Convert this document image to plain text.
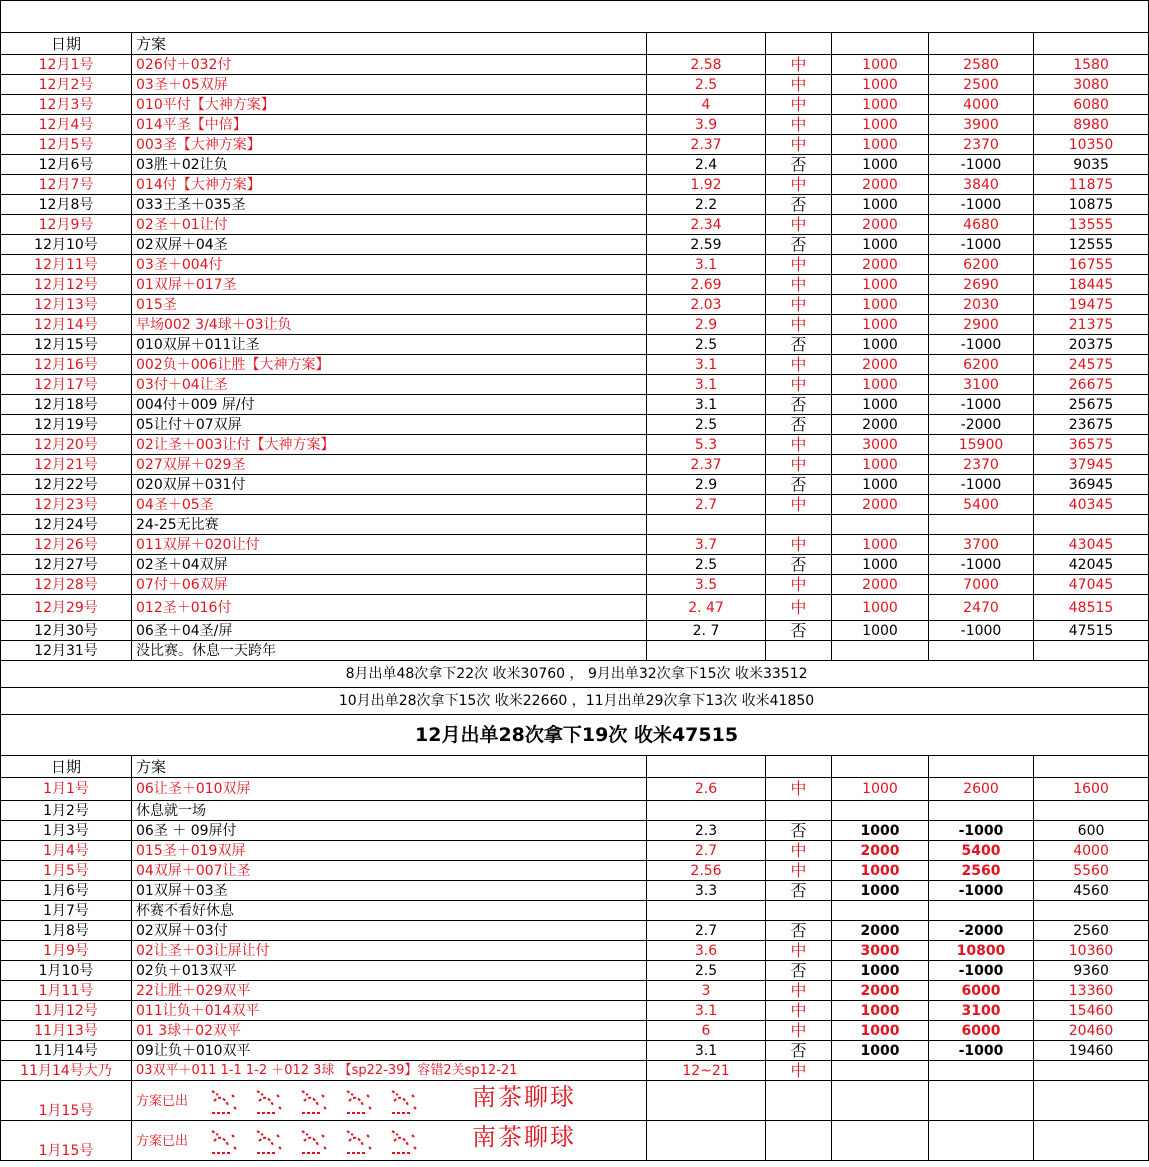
日期	方案					
12月1号	026付＋032付	2.58	中	1000	2580	1580
12月2号	03圣＋05双屏	2.5	中	1000	2500	3080
12月3号	010平付【大神方案】	4	中	1000	4000	6080
12月4号	014平圣【中倍】	3.9	中	1000	3900	8980
12月5号	003圣【大神方案】	2.37	中	1000	2370	10350
12月6号	03胜＋02让负	2.4	否	1000	-1000	9035
12月7号	014付【大神方案】	1.92	中	2000	3840	11875
12月8号	033王圣＋035圣	2.2	否	1000	-1000	10875
12月9号	02圣＋01让付	2.34	中	2000	4680	13555
12月10号	02双屏＋04圣	2.59	否	1000	-1000	12555
12月11号	03圣＋004付	3.1	中	2000	6200	16755
12月12号	01双屏＋017圣	2.69	中	1000	2690	18445
12月13号	015圣	2.03	中	1000	2030	19475
12月14号	早场002 3/4球＋03让负	2.9	中	1000	2900	21375
12月15号	010双屏＋011让圣	2.5	否	1000	-1000	20375
12月16号	002负＋006让胜【大神方案】	3.1	中	2000	6200	24575
12月17号	03付＋04让圣	3.1	中	1000	3100	26675
12月18号	004付＋009 屏/付	3.1	否	1000	-1000	25675
12月19号	05让付＋07双屏	2.5	否	2000	-2000	23675
12月20号	02让圣＋003让付【大神方案】	5.3	中	3000	15900	36575
12月21号	027双屏＋029圣	2.37	中	1000	2370	37945
12月22号	020双屏＋031付	2.9	否	1000	-1000	36945
12月23号	04圣＋05圣	2.7	中	2000	5400	40345
12月24号	24-25无比赛					
12月26号	011双屏＋020让付	3.7	中	1000	3700	43045
12月27号	02圣＋04双屏	2.5	否	1000	-1000	42045
12月28号	07付＋06双屏	3.5	中	2000	7000	47045
12月29号	012圣＋016付	2. 47	中	1000	2470	48515
12月30号	06圣＋04圣/屏	2. 7	否	1000	-1000	47515
12月31号	没比赛。休息一天跨年					
8月出单48次拿下22次 收米30760 ， 9月出单32次拿下15次 收米33512						
10月出单28次拿下15次 收米22660 ，11月出单29次拿下13次 收米41850						
12月出单28次拿下19次 收米47515						
日期	方案					
1月1号	06让圣＋010双屏	2.6	中	1000	2600	1600
1月2号	休息就一场					
1月3号	06圣 ＋ 09屏付	2.3	否	1000	-1000	600
1月4号	015圣＋019双屏	2.7	中	2000	5400	4000
1月5号	04双屏＋007让圣	2.56	中	1000	2560	5560
1月6号	01双屏＋03圣	3.3	否	1000	-1000	4560
1月7号	杯赛不看好休息					
1月8号	02双屏＋03付	2.7	否	2000	-2000	2560
1月9号	02让圣＋03让屏让付	3.6	中	3000	10800	10360
1月10号	02负＋013双平	2.5	否	1000	-1000	9360
1月11号	22让胜＋029双平	3	中	2000	6000	13360
11月12号	011让负＋014双平	3.1	中	1000	3100	15460
11月13号	01 3球＋02双平	6	中	1000	6000	20460
11月14号	09让负＋010双平	3.1	否	1000	-1000	19460
11月14号大乃	03双平＋011 1-1 1-2 ＋012 3球 【sp22-39】容错2关sp12-21	12~21	中			
1月15号	方案已出 南茶聊球					
1月15号	方案已出 南茶聊球					
